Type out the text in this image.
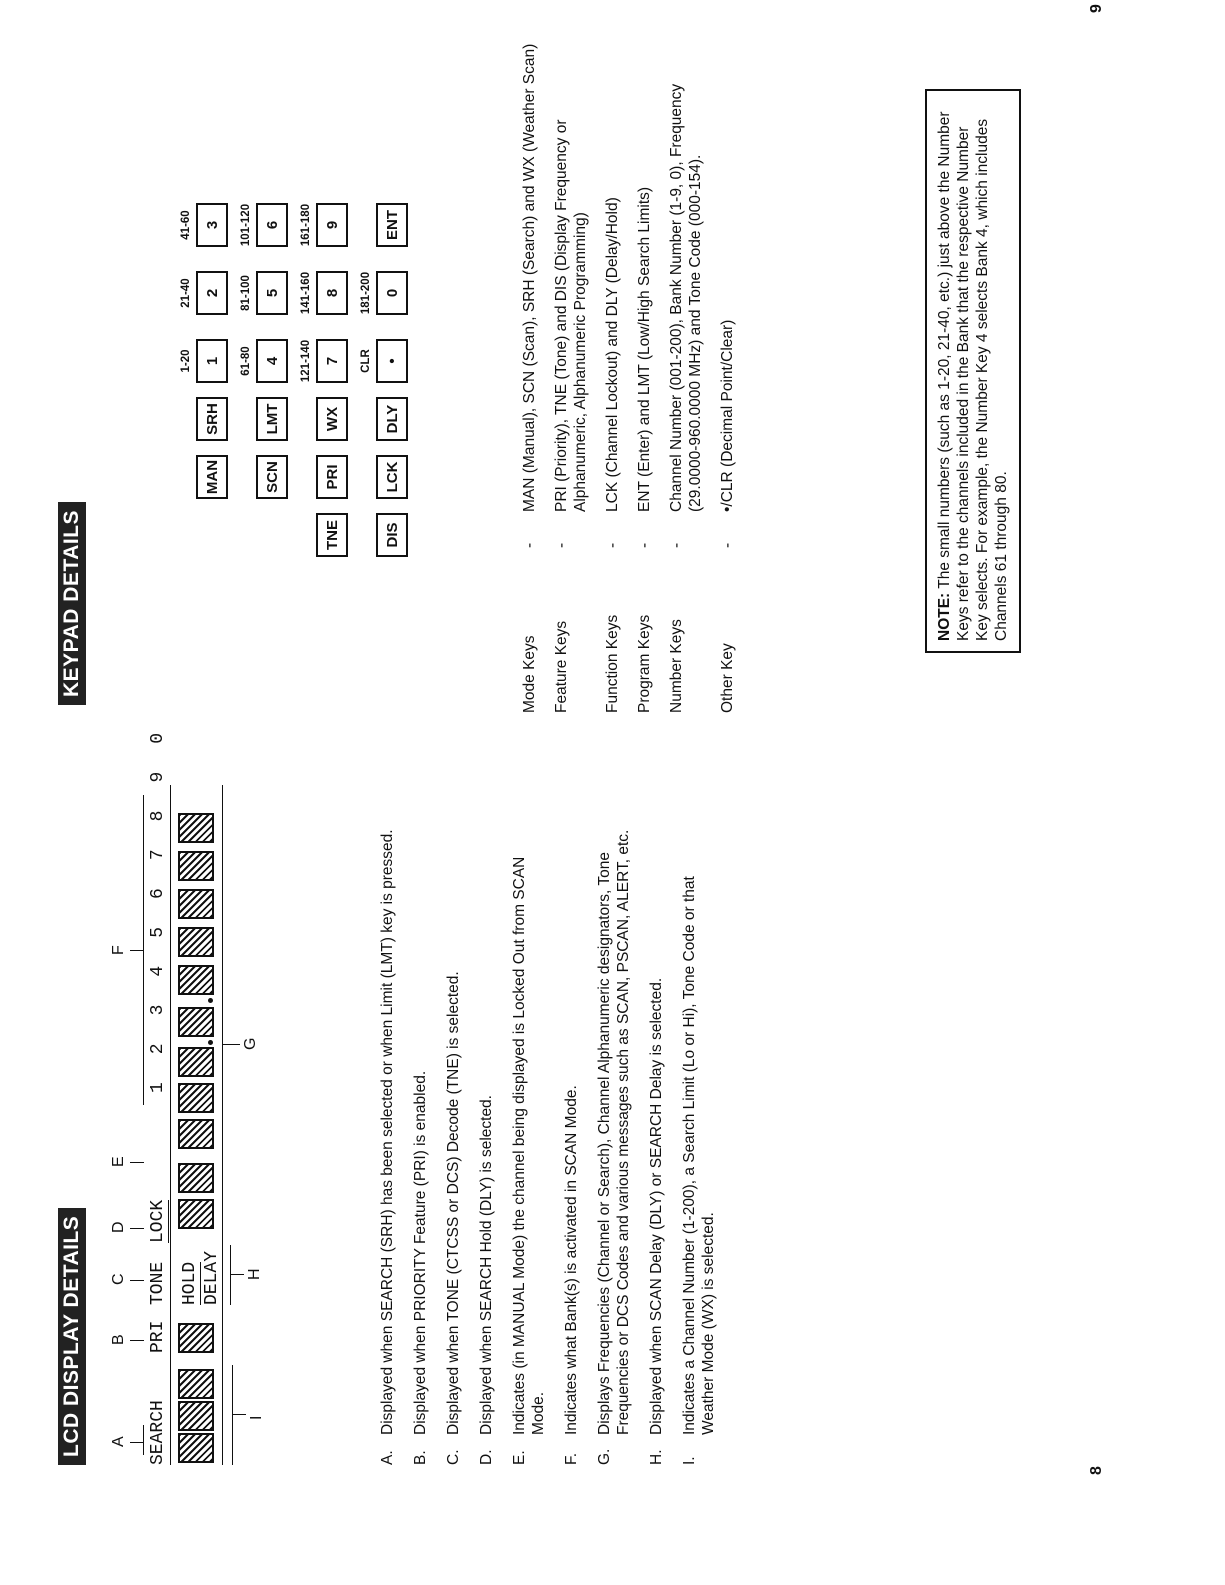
LCD DISPLAY DETAILS A
B
C
D
E
F
SEARCH
PRI
TONE
LOCK
1
2
3
4
5
6
7
8
9
0
HOLD DELAY
I
H
G
A.
Displayed when SEARCH (SRH) has been selected or when Limit (LMT) key is pressed.
B.
Displayed when PRIORITY Feature (PRI) is enabled.
C.
Displayed when TONE (CTCSS or DCS) Decode (TNE) is selected.
D.
Displayed when SEARCH Hold (DLY) is selected.
E.
Indicates (in MANUAL Mode) the channel being displayed is Locked Out from SCAN Mode.
F.
Indicates what Bank(s) is activated in SCAN Mode.
G.
Displays Frequencies (Channel or Search), Channel Alphanumeric designators, Tone Frequencies or DCS Codes and various messages such as SCAN, PSCAN, ALERT, etc.
H.
Displayed when SCAN Delay (DLY) or SEARCH Delay is selected.
I.
Indicates a Channel Number (1-200), a Search Limit (Lo or Hi), Tone Code or that Weather Mode (WX) is selected.
8
KEYPAD DETAILS
MAN
SRH
1-20 1
21-40 2
41-60 3
SCN
LMT
61-80 4
81-100 5
101-120 6
TNE
PRI
WX
121-140 7
141-160 8
161-180 9
DIS
LCK
DLY
CLR •
181-200 0
ENT
Mode Keys
-
MAN (Manual), SCN (Scan), SRH (Search) and WX (Weather Scan)
Feature Keys
-
PRI (Priority), TNE (Tone) and DIS (Display Frequency or Alphanumeric, Alphanumeric Programming)
Function Keys
-
LCK (Channel Lockout) and DLY (Delay/Hold)
Program Keys
-
ENT (Enter) and LMT (Low/High Search Limits)
Number Keys
-
Channel Number (001-200), Bank Number (1-9, 0), Frequency (29.0000-960.0000 MHz) and Tone Code (000-154).
Other Key
-
•/CLR (Decimal Point/Clear)
NOTE: The small numbers (such as 1-20, 21-40, etc.) just above the Number Keys refer to the channels included in the Bank that the respective Number Key selects. For example, the Number Key 4 selects Bank 4, which includes Channels 61 through 80.
9
